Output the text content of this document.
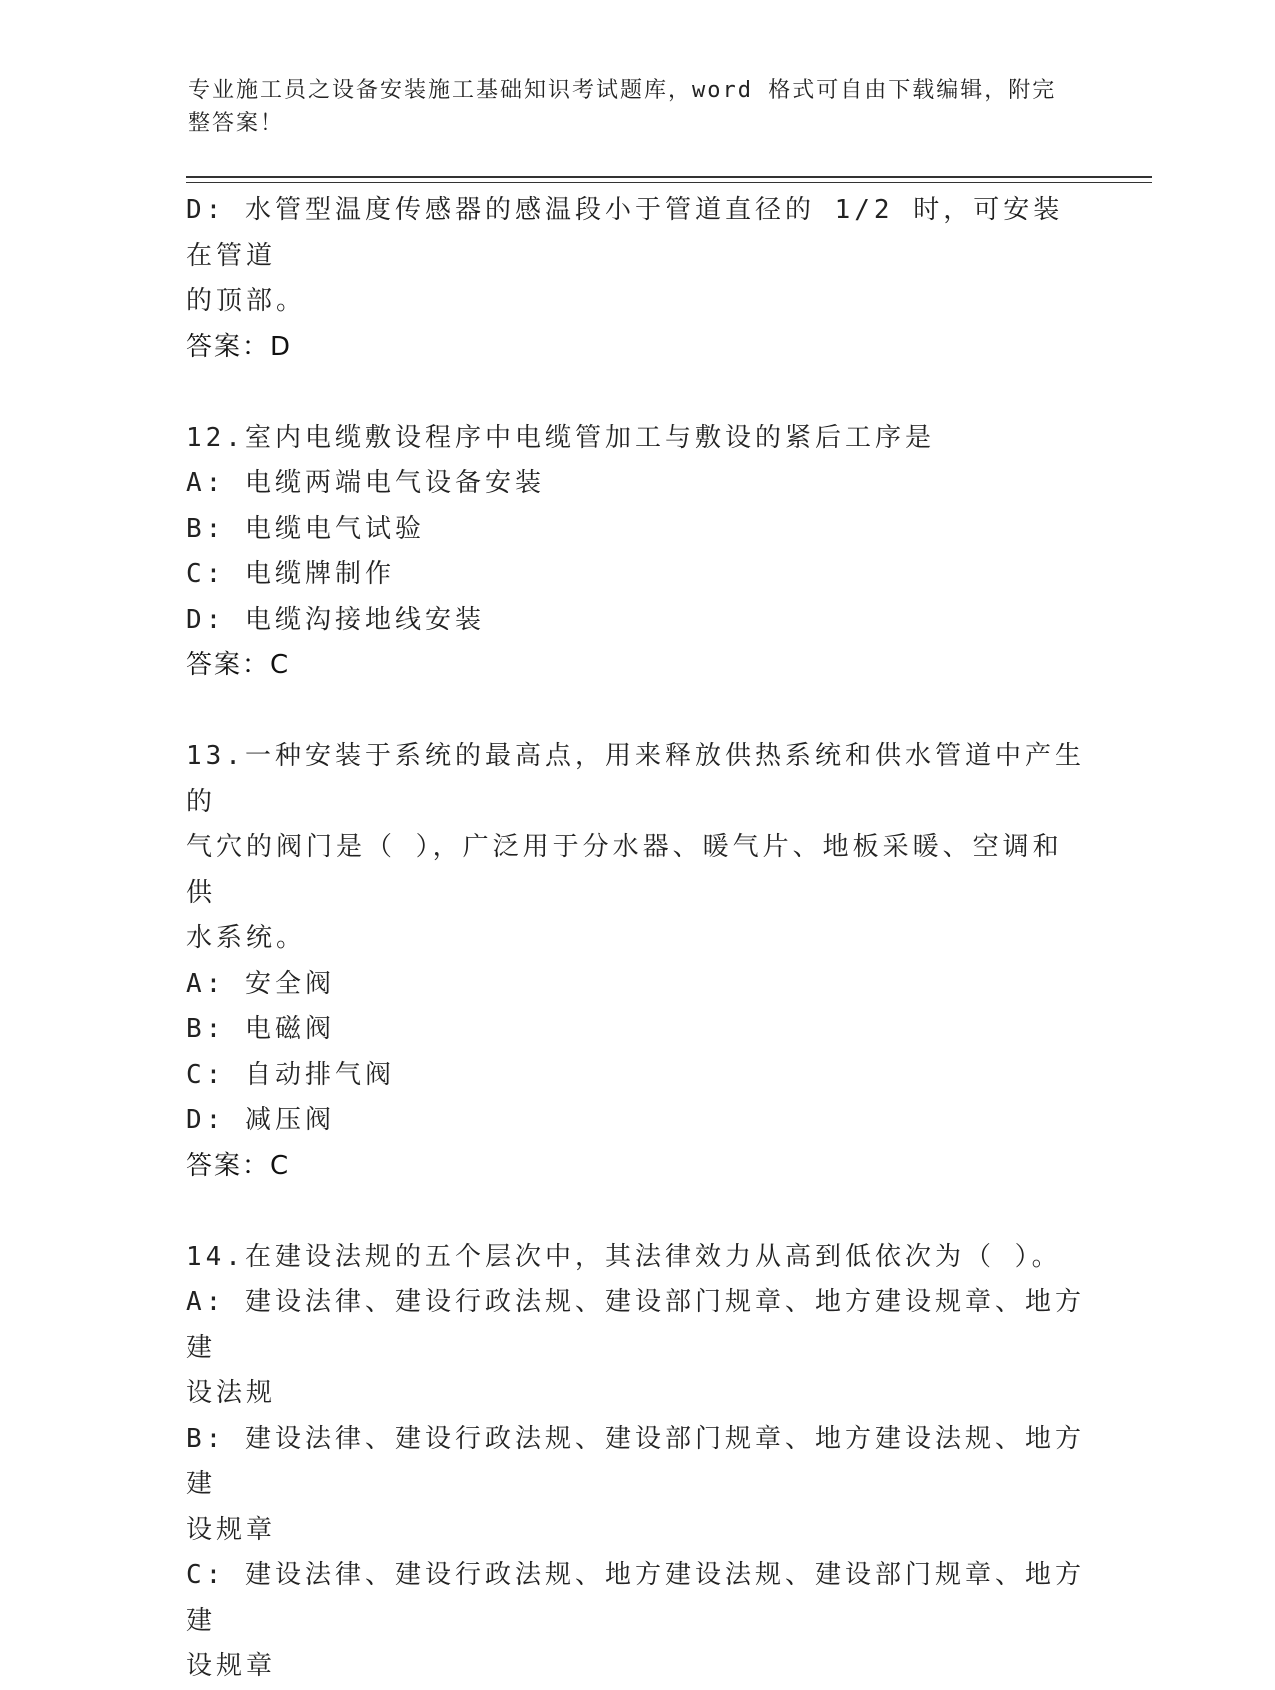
专业施工员之设备安装施工基础知识考试题库，word 格式可自由下载编辑，附完
整答案！

D: 水管型温度传感器的感温段小于管道直径的 1/2 时，可安装在管道

的顶部。

答案：D

12.室内电缆敷设程序中电缆管加工与敷设的紧后工序是

A: 电缆两端电气设备安装

B: 电缆电气试验

C: 电缆牌制作

D: 电缆沟接地线安装

答案：C

13.一种安装于系统的最高点，用来释放供热系统和供水管道中产生的

气穴的阀门是（ ），广泛用于分水器、暖气片、地板采暖、空调和供

水系统。

A: 安全阀

B: 电磁阀

C: 自动排气阀

D: 减压阀

答案：C

14.在建设法规的五个层次中，其法律效力从高到低依次为（ ）。

A: 建设法律、建设行政法规、建设部门规章、地方建设规章、地方建

设法规

B: 建设法律、建设行政法规、建设部门规章、地方建设法规、地方建

设规章

C: 建设法律、建设行政法规、地方建设法规、建设部门规章、地方建

设规章
